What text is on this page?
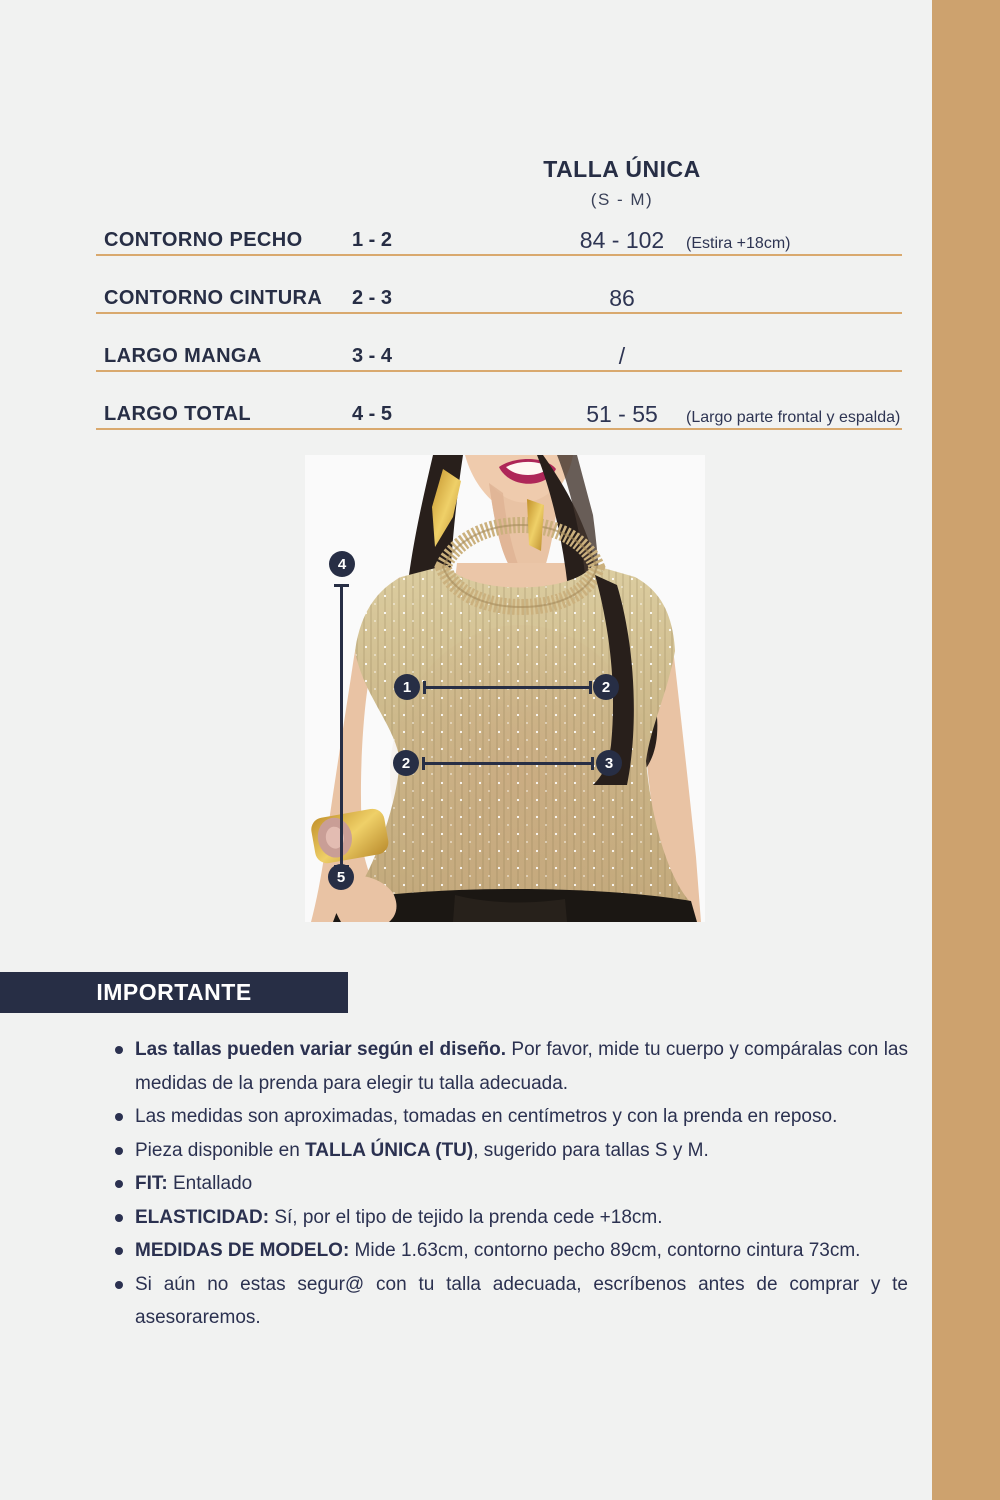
TALLA ÚNICA
(S - M)
CONTORNO PECHO 1 - 2	84 - 102	(Estira +18cm)
CONTORNO CINTURA 2 - 3	86
LARGO MANGA	3 - 4	/
LARGO TOTAL	4 - 5	51 - 55	(Largo parte frontal y espalda)
4
5
1	2
2	3
IMPORTANTE
Las tallas pueden variar según el diseño. Por favor, mide tu cuerpo y compáralas con las medidas de la prenda para elegir tu talla adecuada.
Las medidas son aproximadas, tomadas en centímetros y con la prenda en reposo.
Pieza disponible en TALLA ÚNICA (TU), sugerido para tallas S y M.
FIT: Entallado
ELASTICIDAD: Sí, por el tipo de tejido la prenda cede +18cm.
MEDIDAS DE MODELO: Mide 1.63cm, contorno pecho 89cm, contorno cintura 73cm.
Si aún no estas segur@ con tu talla adecuada, escríbenos antes de comprar y te asesoraremos.
